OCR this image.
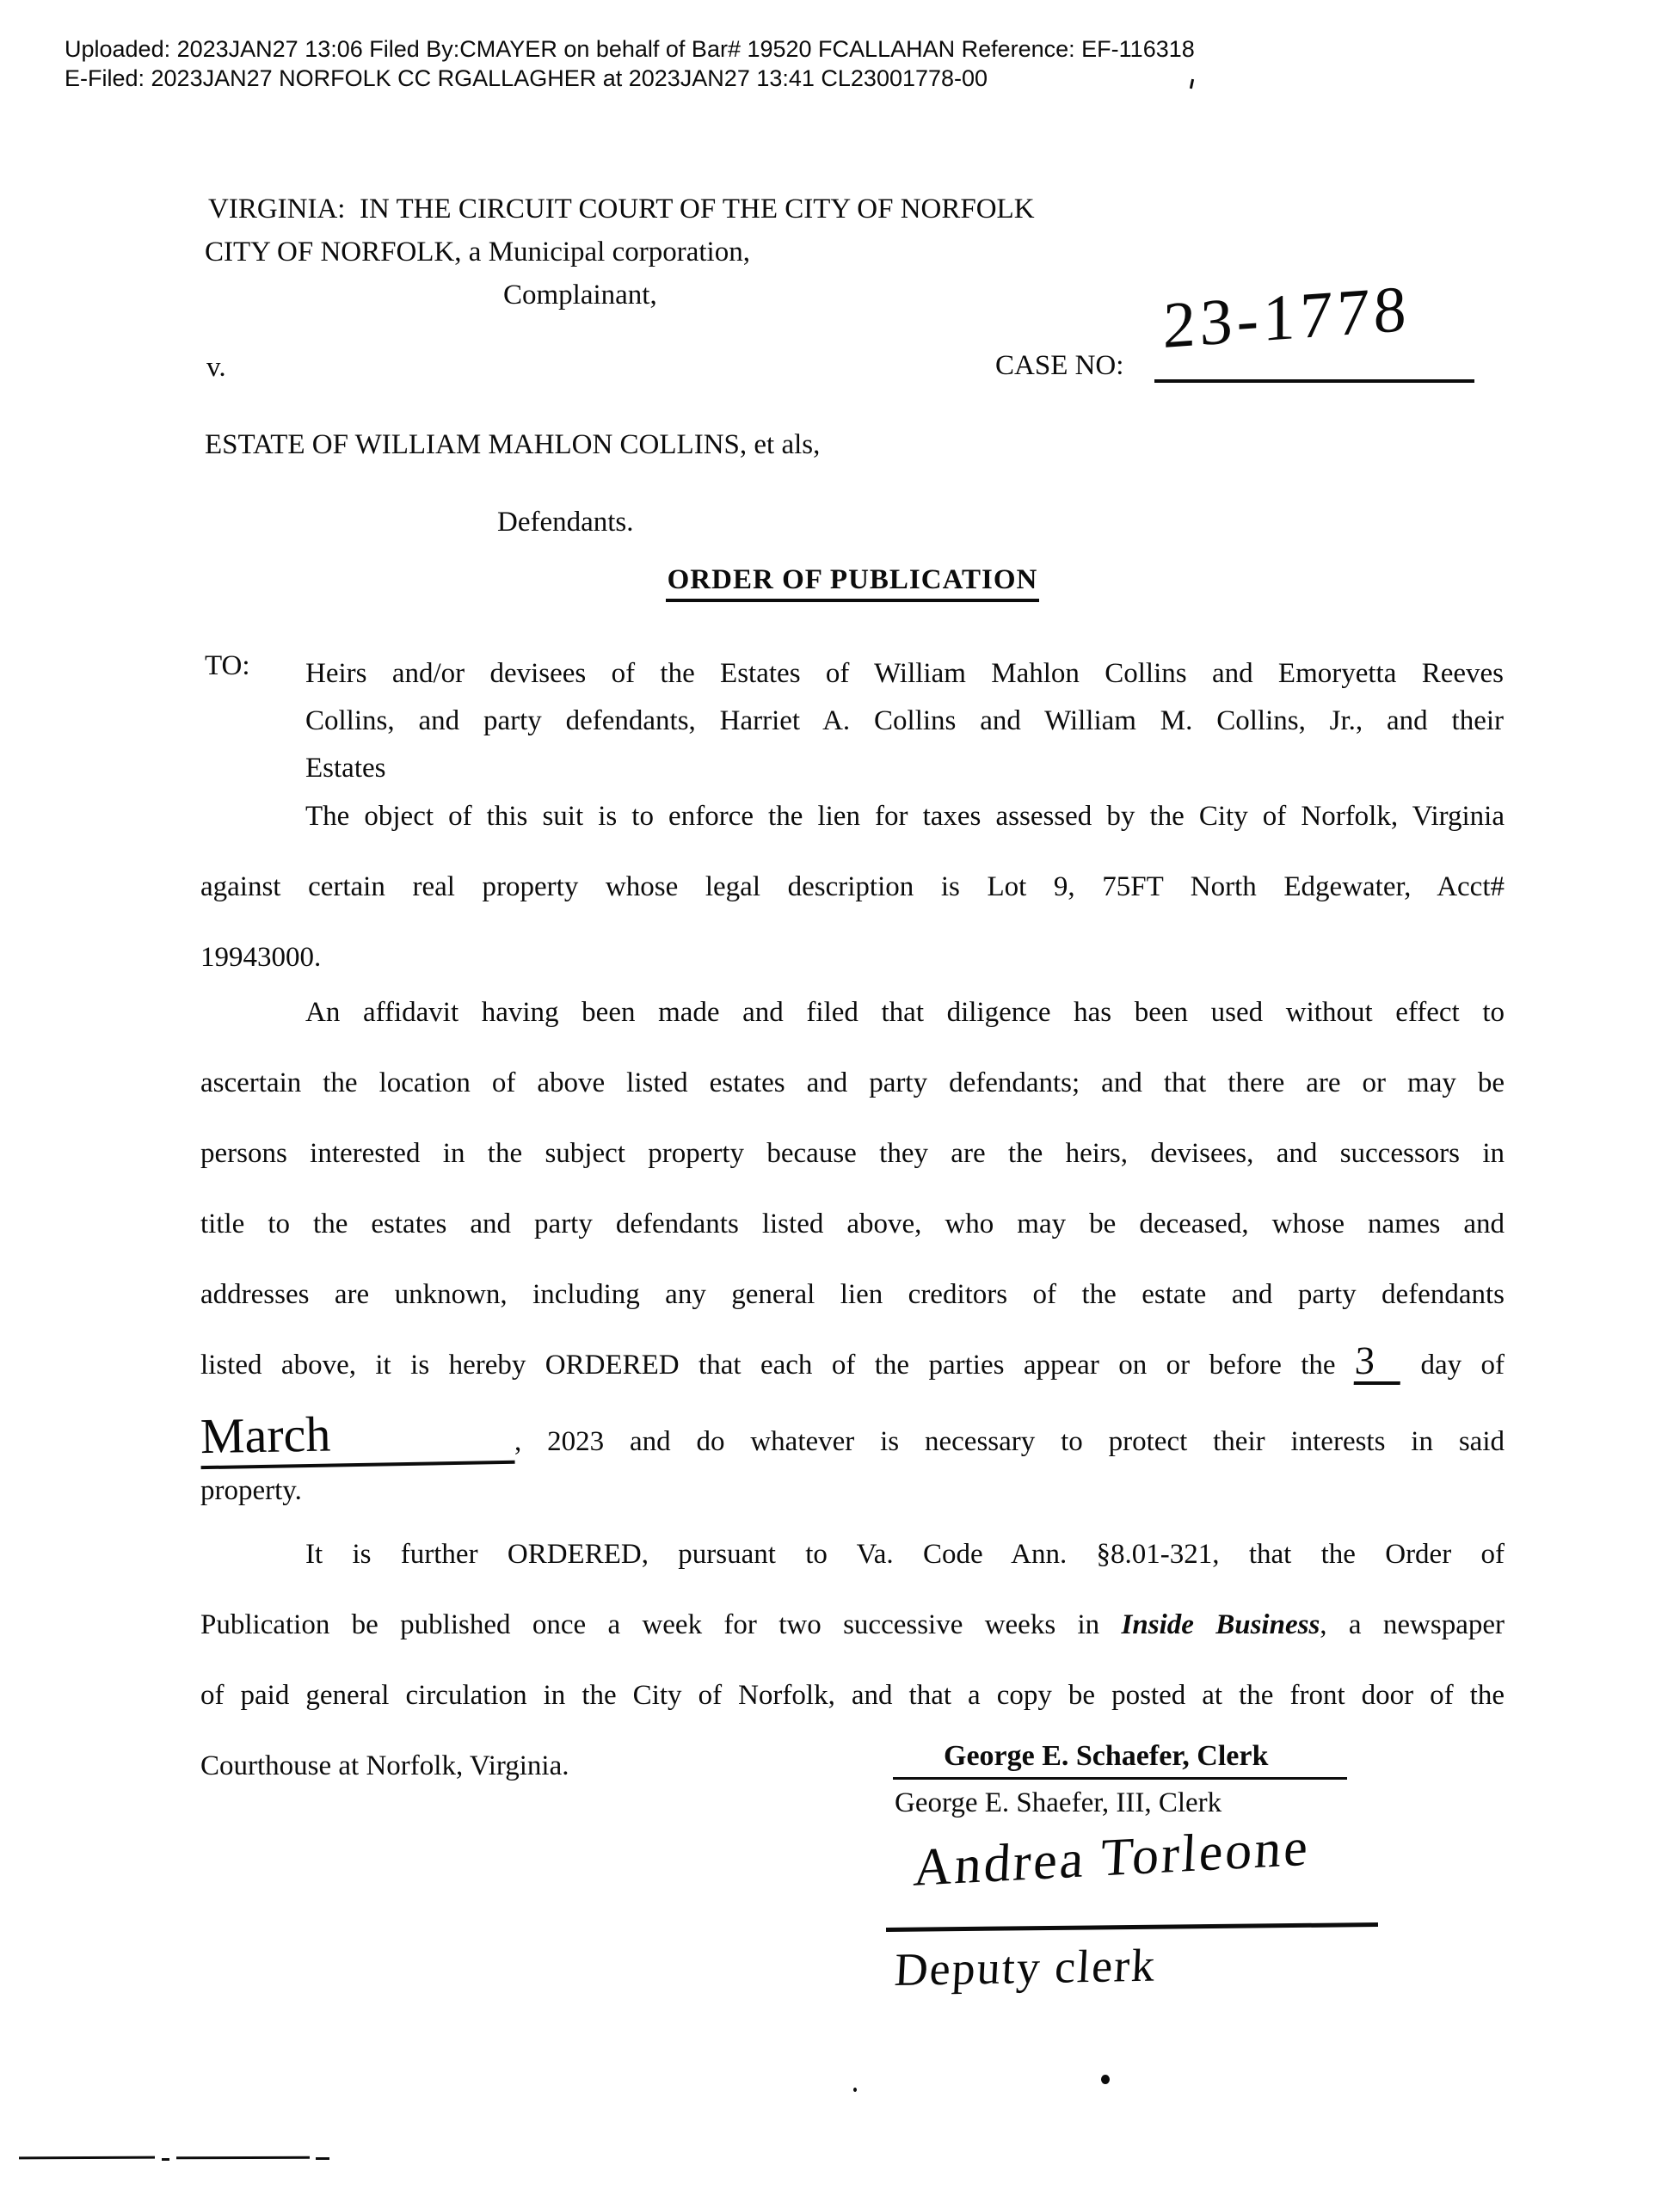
Uploaded: 2023JAN27 13:06 Filed By:CMAYER on behalf of Bar# 19520 FCALLAHAN Reference: EF-116318
E-Filed: 2023JAN27 NORFOLK CC RGALLAGHER at 2023JAN27 13:41 CL23001778-00
VIRGINIA:  IN THE CIRCUIT COURT OF THE CITY OF NORFOLK
CITY OF NORFOLK, a Municipal corporation,
Complainant,
v.	CASE NO:
23-1778
ESTATE OF WILLIAM MAHLON COLLINS, et als,
Defendants.
ORDER OF PUBLICATION
TO: Heirs and/or devisees of the Estates of William Mahlon Collins and Emoryetta Reeves
Collins, and party defendants, Harriet A. Collins and William M. Collins, Jr., and their
Estates
The object of this suit is to enforce the lien for taxes assessed by the City of Norfolk, Virginia
against certain real property whose legal description is Lot 9, 75FT North Edgewater, Acct#
19943000.
An affidavit having been made and filed that diligence has been used without effect to
ascertain the location of above listed estates and party defendants; and that there are or may be
persons interested in the subject property because they are the heirs, devisees, and successors in
title to the estates and party defendants listed above, who may be deceased, whose names and
addresses are unknown, including any general lien creditors of the estate and party defendants
listed above, it is hereby ORDERED that each of the parties appear on or before the 3 day of
March	, 2023 and do whatever is necessary to protect their interests in said
property.
It is further ORDERED, pursuant to Va. Code Ann. §8.01-321, that the Order of
Publication be published once a week for two successive weeks in Inside Business, a newspaper
of paid general circulation in the City of Norfolk, and that a copy be posted at the front door of the
Courthouse at Norfolk, Virginia.	George E. Schaefer, Clerk
George E. Shaefer, III, Clerk
Andrea Torleone
Deputy clerk
